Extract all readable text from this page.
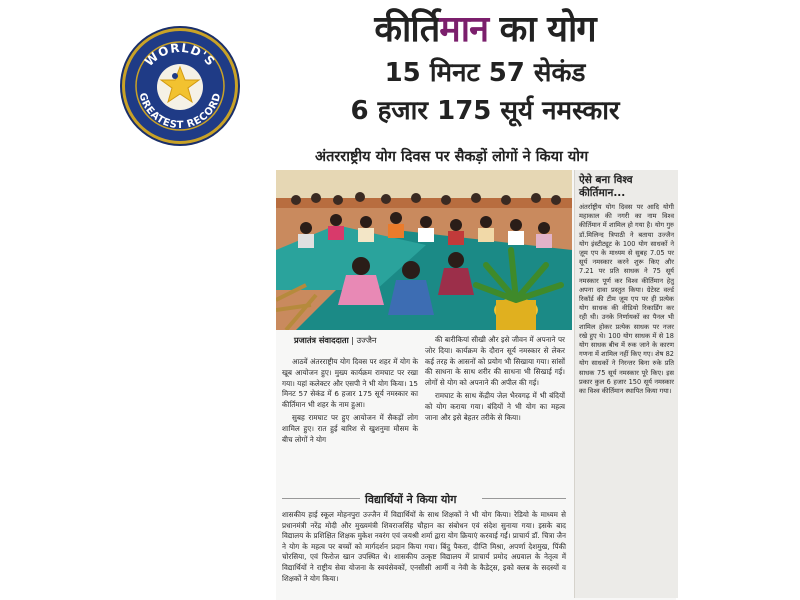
WORLD'S
GREATEST RECORD
कीर्तिमान का योग
15 मिनट 57 सेकंड
6 हजार 175 सूर्य नमस्कार
अंतरराष्ट्रीय योग दिवस पर सैकड़ों लोगों ने किया योग
ऐसे बना विश्व कीर्तिमान...
अंतर्राष्ट्रीय योग दिवस पर आदि योगी महाकाल की नगरी का नाम विश्व कीर्तिमान में शामिल हो गया है। योग गुरु डॉ.मिलिन्द त्रिपाठी ने बताया उज्जैन योग इंस्टीट्यूट के 100 योग साधकों ने ज़ूम एप के माध्यम से सुबह 7.05 पर सूर्य नमस्कार करने शुरू किए और 7.21 पर प्रति साधक ने 75 सूर्य नमस्कार पूर्ण कर विश्व कीर्तिमान हेतु अपना दावा प्रस्तुत किया। ग्रेटेस्ट वर्ल्ड रिकॉर्ड की टीम ज़ूम एप पर ही प्रत्येक योग साधक की वीडियो रिकार्डिंग कर रही थी। उनके निर्णायकों का पैनल भी शामिल होकर प्रत्येक साधक पर नजर रखे हुए थे। 100 योग साधक में से 18 योग साधक बीच में रुक जाने के कारण गणना में शामिल नहीं किए गए। शेष 82 योग साधकों ने निरन्तर बिना रुके प्रति साधक 75 सूर्य नमस्कार पूरे किए। इस प्रकार कुल 6 हजार 150 सूर्य नमस्कार का विश्व कीर्तिमान स्थापित किया गया।
प्रजातंत्र संवाददाता | उज्जैन

आठवें अंतरराष्ट्रीय योग दिवस पर शहर में योग के खूब आयोजन हुए। मुख्य कार्यक्रम रामघाट पर रखा गया। यहां कलेक्टर और एसपी ने भी योग किया। 15 मिनट 57 सेकंड में 6 हजार 175 सूर्य नमस्कार का कीर्तिमान भी शहर के नाम हुआ।

सुबह रामघाट पर हुए आयोजन में सैकड़ों लोग शामिल हुए। रात हुई बारिश से खुशनुमा मौसम के बीच लोगों ने योग

की बारीकियां सीखी और इसे जीवन में अपनाने पर जोर दिया। कार्यक्रम के दौरान सूर्य नमस्कार से लेकर कई तरह के आसनों को प्रयोग भी सिखाया गया। सांसों की साधना के साथ शरीर की साधना भी सिखाई गई। लोगों से योग को अपनाने की अपील की गई।

रामघाट के साथ केंद्रीय जेल भैरवगढ़ में भी बंदियों को योग कराया गया। बंदियों ने भी योग का महत्व जाना और इसे बेहतर तरीके से किया।

विद्यार्थियों ने किया योग
शासकीय हाई स्कूल मोहनपुरा उज्जैन में विद्यार्थियों के साथ शिक्षकों ने भी योग किया। रेडियो के माध्यम से प्रधानमंत्री नरेंद्र मोदी और मुख्यमंत्री शिवराजसिंह चौहान का संबोधन एवं संदेश सुनाया गया। इसके बाद विद्यालय के प्रशिक्षित शिक्षक मुकेश नवरंग एवं जयश्री शर्मा द्वारा योग क्रियाएं करवाई गईं। प्राचार्य डॉ. चित्रा जैन ने योग के महत्व पर बच्चों को मार्गदर्शन प्रदान किया गया। बिंदु पैकरा, दीप्ति मिश्रा, अपर्णा देशमुख, पिंकी चोरसिया, एवं फिरोज खान उपस्थित थे। शासकीय उत्कृष्ट विद्यालय में प्राचार्य प्रमोद अग्रवाल के नेतृत्व में विद्यार्थियों ने राष्ट्रीय सेवा योजना के स्वयंसेवकों, एनसीसी आर्मी व नेवी के कैडेट्स, इको क्लब के सदस्यों व शिक्षकों ने योग किया।
